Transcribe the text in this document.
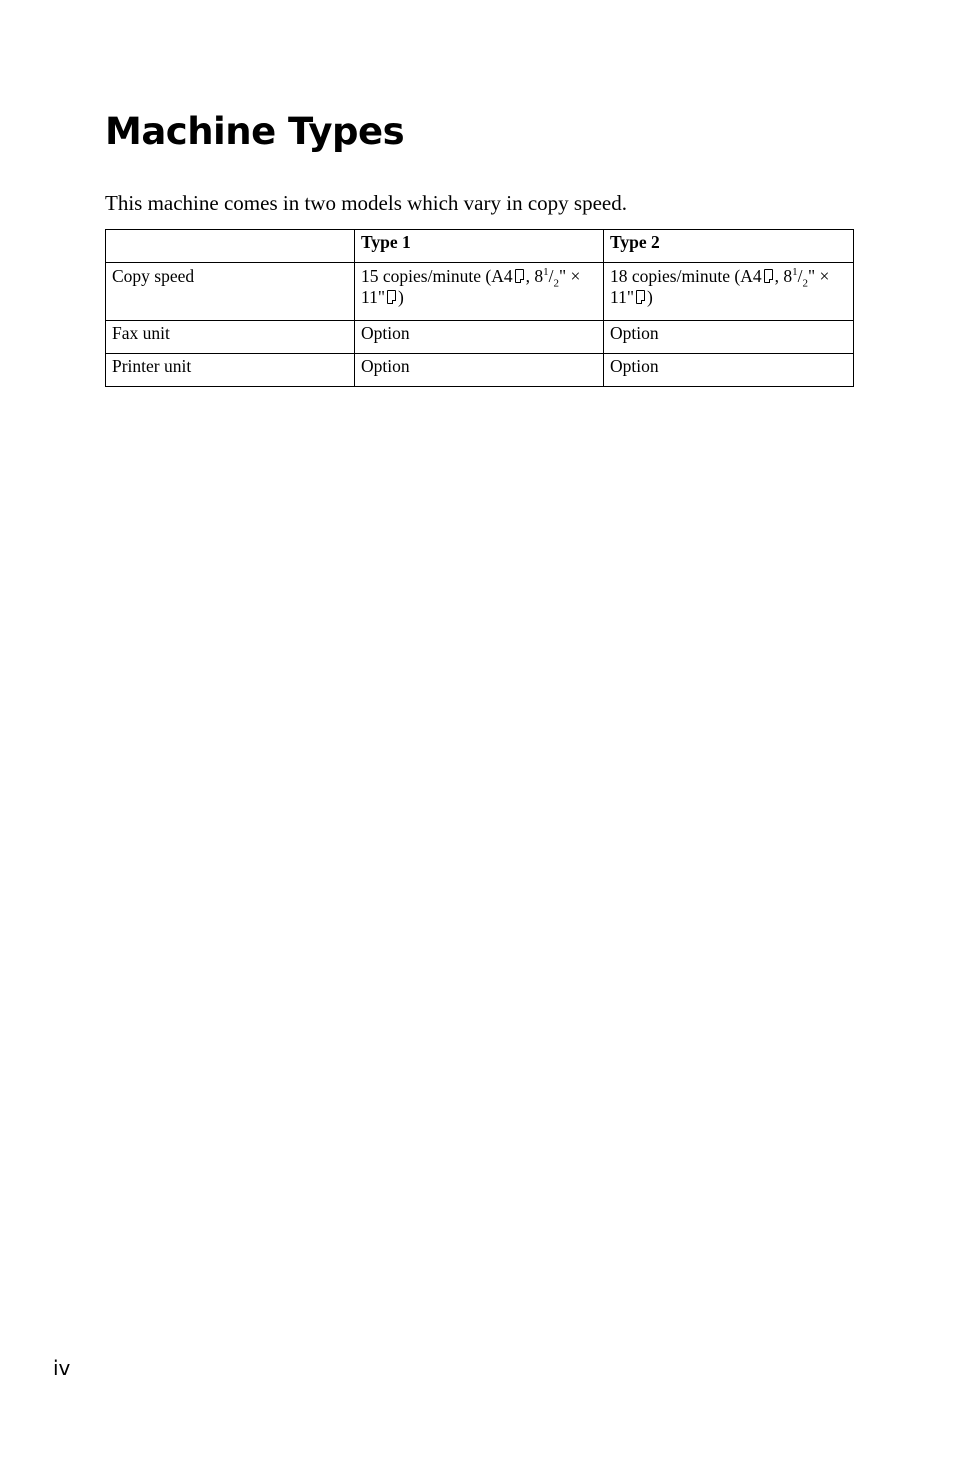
Machine Types

This machine comes in two models which vary in copy speed.

	Type 1	Type 2
Copy speed	15 copies/minute (A4 , $8^1/_2$" × 11" )	18 copies/minute (A4 , $8^1/_2$" × 11" )
Fax unit	Option	Option
Printer unit	Option	Option

iv
